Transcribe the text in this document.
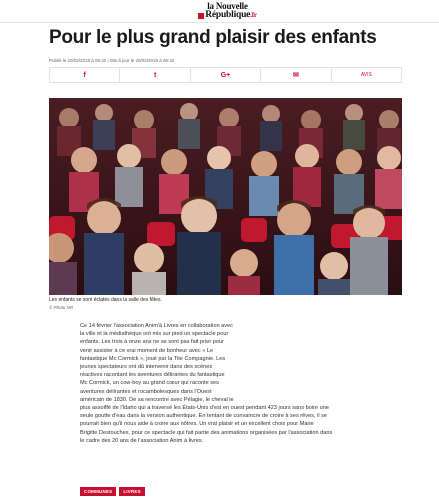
la Nouvelle
République .fr
Pour le plus grand plaisir des enfants
Publié le 20/02/2018 à 06:32 | Mis à jour le 20/02/2018 à 06:32
f	t	G+	✉	AVIS
Les enfants se sont éclatés dans la salle des fêtes.
© Photo NR

Ce 14 février l'association Anim'à Livres en collaboration avec

la ville et la médiathèque ont mis sur pied un spectacle pour

enfants. Les trois à onze ans ne se sont pas fait prier pour

venir assister à ce vrai moment de bonheur avec « Le

fantastique Mc Cormick », joué par la Tite Compagnie. Les

jeunes spectateurs ont dû intervenir dans des scènes

réactives racontant les aventures délirantes du fantastique

Mc Cormick, un cow-boy au grand cœur qui raconte ses

aventures délirantes et rocambolesques dans l'Ouest

américain de 1830. De sa rencontre avec Pélagie, le cheval le

plus assoiffé de l'Idaho qui a traversé les États-Unis d'est en ouest pendant 423 jours sans boire une

seule goutte d'eau dans la version authentique. En tentant de convaincre de croire à ses rêves, il se

pourrait bien qu'il nous aide à croire aux nôtres. Un vrai plaisir et un excellent choix pour Marie

Brigitte Destouches, pour ce spectacle qui fait partie des animations organisées par l'association dans

le cadre des 20 ans de l'association Anim à livres.

COMMUNES	LIVRES
